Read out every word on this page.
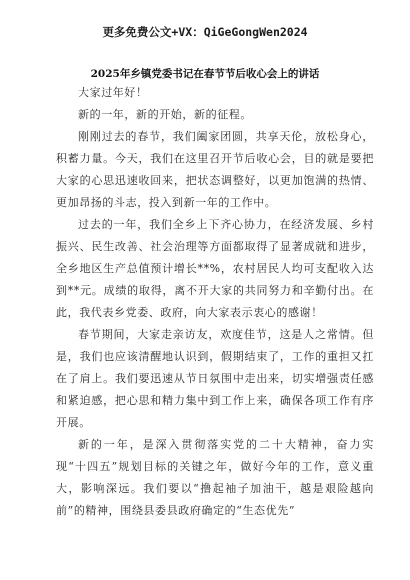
更多免费公文+VX：QiGeGongWen2024
2025年乡镇党委书记在春节节后收心会上的讲话

大家过年好！

新的一年，新的开始，新的征程。

刚刚过去的春节，我们阖家团圆，共享天伦，放松身心，积蓄力量。今天，我们在这里召开节后收心会，目的就是要把大家的心思迅速收回来，把状态调整好，以更加饱满的热情、更加昂扬的斗志，投入到新一年的工作中。

过去的一年，我们全乡上下齐心协力，在经济发展、乡村振兴、民生改善、社会治理等方面都取得了显著成就和进步，全乡地区生产总值预计增长**%，农村居民人均可支配收入达到**元。成绩的取得，离不开大家的共同努力和辛勤付出。在此，我代表乡党委、政府，向大家表示衷心的感谢！

春节期间，大家走亲访友，欢度佳节，这是人之常情。但是，我们也应该清醒地认识到，假期结束了，工作的重担又扛在了肩上。我们要迅速从节日氛围中走出来，切实增强责任感和紧迫感，把心思和精力集中到工作上来，确保各项工作有序开展。

新的一年，是深入贯彻落实党的二十大精神，奋力实现“十四五”规划目标的关键之年，做好今年的工作，意义重大，影响深远。我们要以“撸起袖子加油干，越是艰险越向前”的精神，围绕县委县政府确定的“生态优先”
